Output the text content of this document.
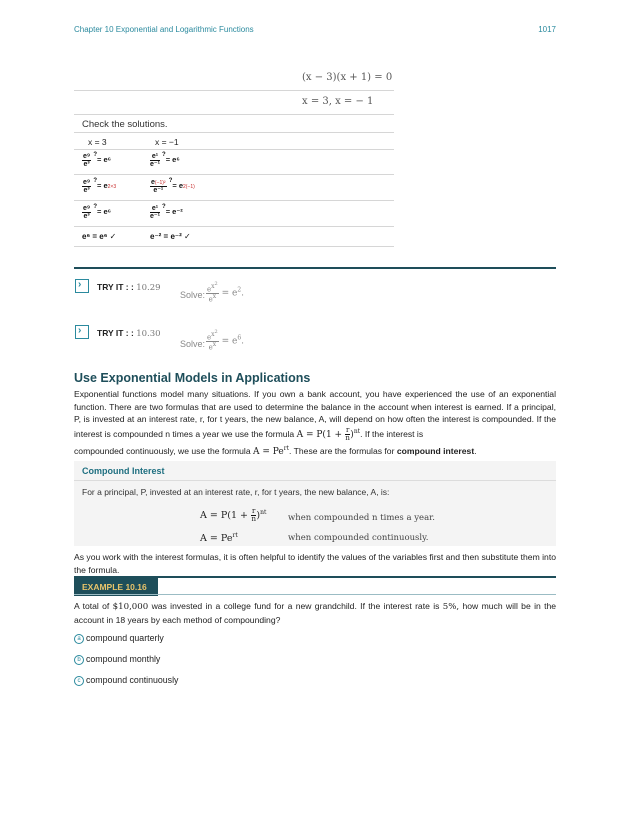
Chapter 10 Exponential and Logarithmic Functions	1017
(x − 3)(x + 1) = 0
x = 3, x = − 1
Check the solutions.
x = 3	x = −1
$\frac{\text{e⁹}}{\text{e³}} ^?= e^6$	$\frac{\text{e¹}}{\text{e⁻¹}} ^?= e^6$
$\frac{\text{e⁹}}{\text{e³}} ^?= e2\times 3$	$\frac{\text{e(−1)²}}{\text{e⁻¹}} ^?= e2(-1)$
$\frac{\text{e⁹}}{\text{e³}} ^?= e^6$	$\frac{\text{e¹}}{\text{e⁻¹}} ^?= e^{-2}$
e⁶ = e⁶ ✓	e⁻² = e⁻² ✓
› TRY IT : : 10.29
Solve: $\frac{e^{x^2}}{e^x} = e^2$.
› TRY IT : : 10.30
Solve: $\frac{e^{x^2}}{e^x} = e^6$.
Use Exponential Models in Applications
Exponential functions model many situations. If you own a bank account, you have experienced the use of an exponential function. There are two formulas that are used to determine the balance in the account when interest is earned. If a principal, P, is invested at an interest rate, r, for t years, the new balance, A, will depend on how often the interest is compounded. If the interest is compounded n times a year we use the formula $A = P(1 + \frac{r}{n} )^{nt}$. If the interest is
compounded continuously, we use the formula $A = Pe^{rt}$. These are the formulas for compound interest.
Compound Interest
For a principal, P, invested at an interest rate, r, for t years, the new balance, A, is:
$A = P(1 + \frac{r}{n} )^{nt}$
when compounded n times a year.
$A = Pe^{rt}$	when compounded continuously.
As you work with the interest formulas, it is often helpful to identify the values of the variables first and then substitute them into the formula.
EXAMPLE 10.16
A total of $10,000 was invested in a college fund for a new grandchild. If the interest rate is 5%, how much will be in the account in 18 years by each method of compounding?
a compound quarterly
b compound monthly
c compound continuously
